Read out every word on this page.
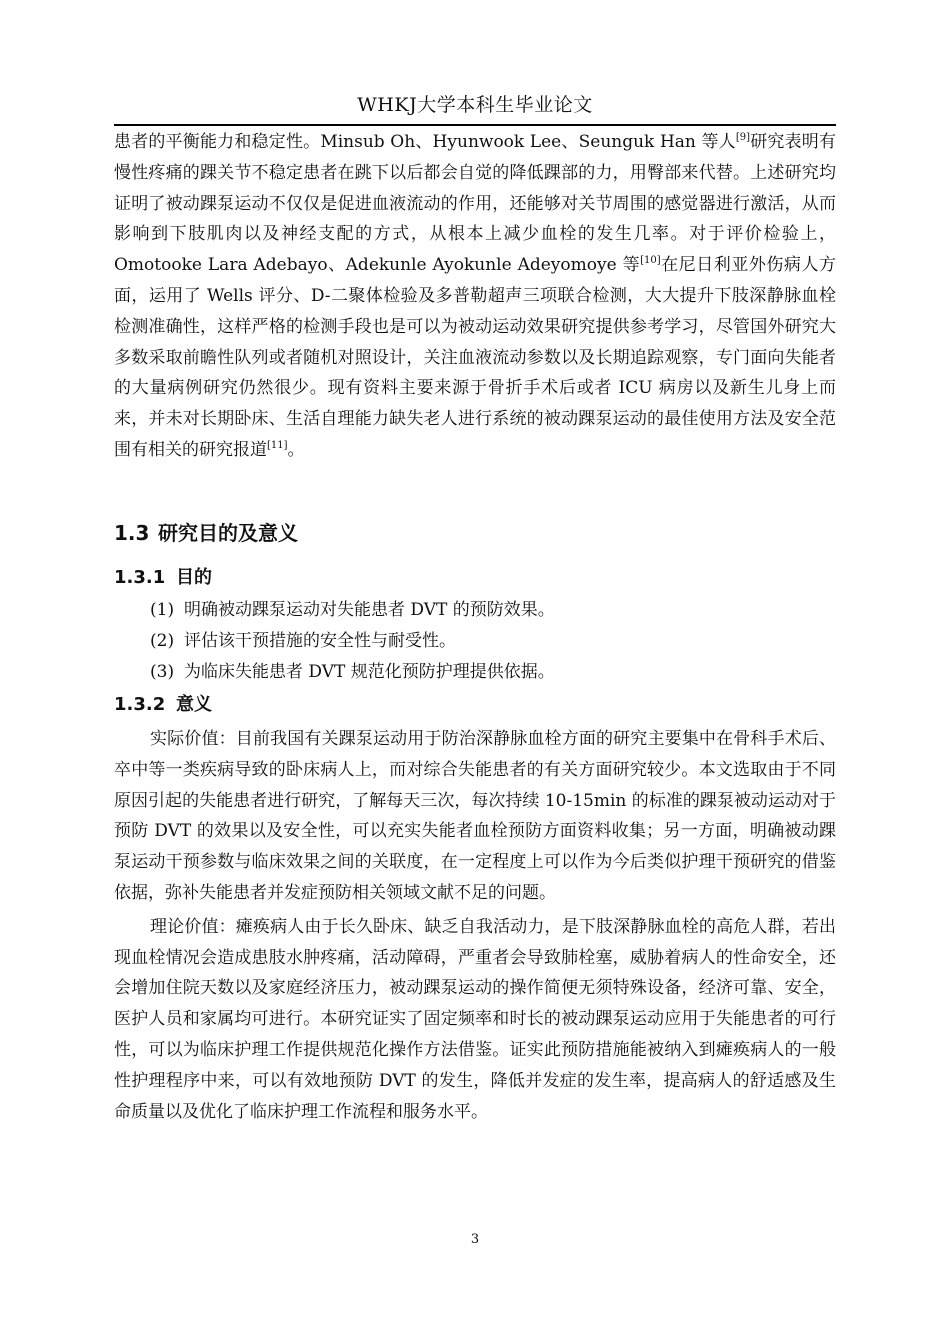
WHKJ大学本科生毕业论文

患者的平衡能力和稳定性。Minsub Oh、Hyunwook Lee、Seunguk Han 等人[9]研究表明有慢性疼痛的踝关节不稳定患者在跳下以后都会自觉的降低踝部的力，用臀部来代替。上述研究均证明了被动踝泵运动不仅仅是促进血液流动的作用，还能够对关节周围的感觉器进行激活，从而影响到下肢肌肉以及神经支配的方式，从根本上减少血栓的发生几率。对于评价检验上，Omotooke Lara Adebayo、Adekunle Ayokunle Adeyomoye 等[10]在尼日利亚外伤病人方面，运用了 Wells 评分、D-二聚体检验及多普勒超声三项联合检测，大大提升下肢深静脉血栓检测准确性，这样严格的检测手段也是可以为被动运动效果研究提供参考学习，尽管国外研究大多数采取前瞻性队列或者随机对照设计，关注血液流动参数以及长期追踪观察，专门面向失能者的大量病例研究仍然很少。现有资料主要来源于骨折手术后或者 ICU 病房以及新生儿身上而来，并未对长期卧床、生活自理能力缺失老人进行系统的被动踝泵运动的最佳使用方法及安全范围有相关的研究报道[11]。

1.3 研究目的及意义
1.3.1 目的
(1) 明确被动踝泵运动对失能患者 DVT 的预防效果。
(2) 评估该干预措施的安全性与耐受性。
(3) 为临床失能患者 DVT 规范化预防护理提供依据。
1.3.2 意义

实际价值：目前我国有关踝泵运动用于防治深静脉血栓方面的研究主要集中在骨科手术后、卒中等一类疾病导致的卧床病人上，而对综合失能患者的有关方面研究较少。本文选取由于不同原因引起的失能患者进行研究，了解每天三次，每次持续 10-15min 的标准的踝泵被动运动对于预防 DVT 的效果以及安全性，可以充实失能者血栓预防方面资料收集；另一方面，明确被动踝泵运动干预参数与临床效果之间的关联度，在一定程度上可以作为今后类似护理干预研究的借鉴依据，弥补失能患者并发症预防相关领域文献不足的问题。

理论价值：瘫痪病人由于长久卧床、缺乏自我活动力，是下肢深静脉血栓的高危人群，若出现血栓情况会造成患肢水肿疼痛，活动障碍，严重者会导致肺栓塞，威胁着病人的性命安全，还会增加住院天数以及家庭经济压力，被动踝泵运动的操作简便无须特殊设备，经济可靠、安全，医护人员和家属均可进行。本研究证实了固定频率和时长的被动踝泵运动应用于失能患者的可行性，可以为临床护理工作提供规范化操作方法借鉴。证实此预防措施能被纳入到瘫痪病人的一般性护理程序中来，可以有效地预防 DVT 的发生，降低并发症的发生率，提高病人的舒适感及生命质量以及优化了临床护理工作流程和服务水平。

3
